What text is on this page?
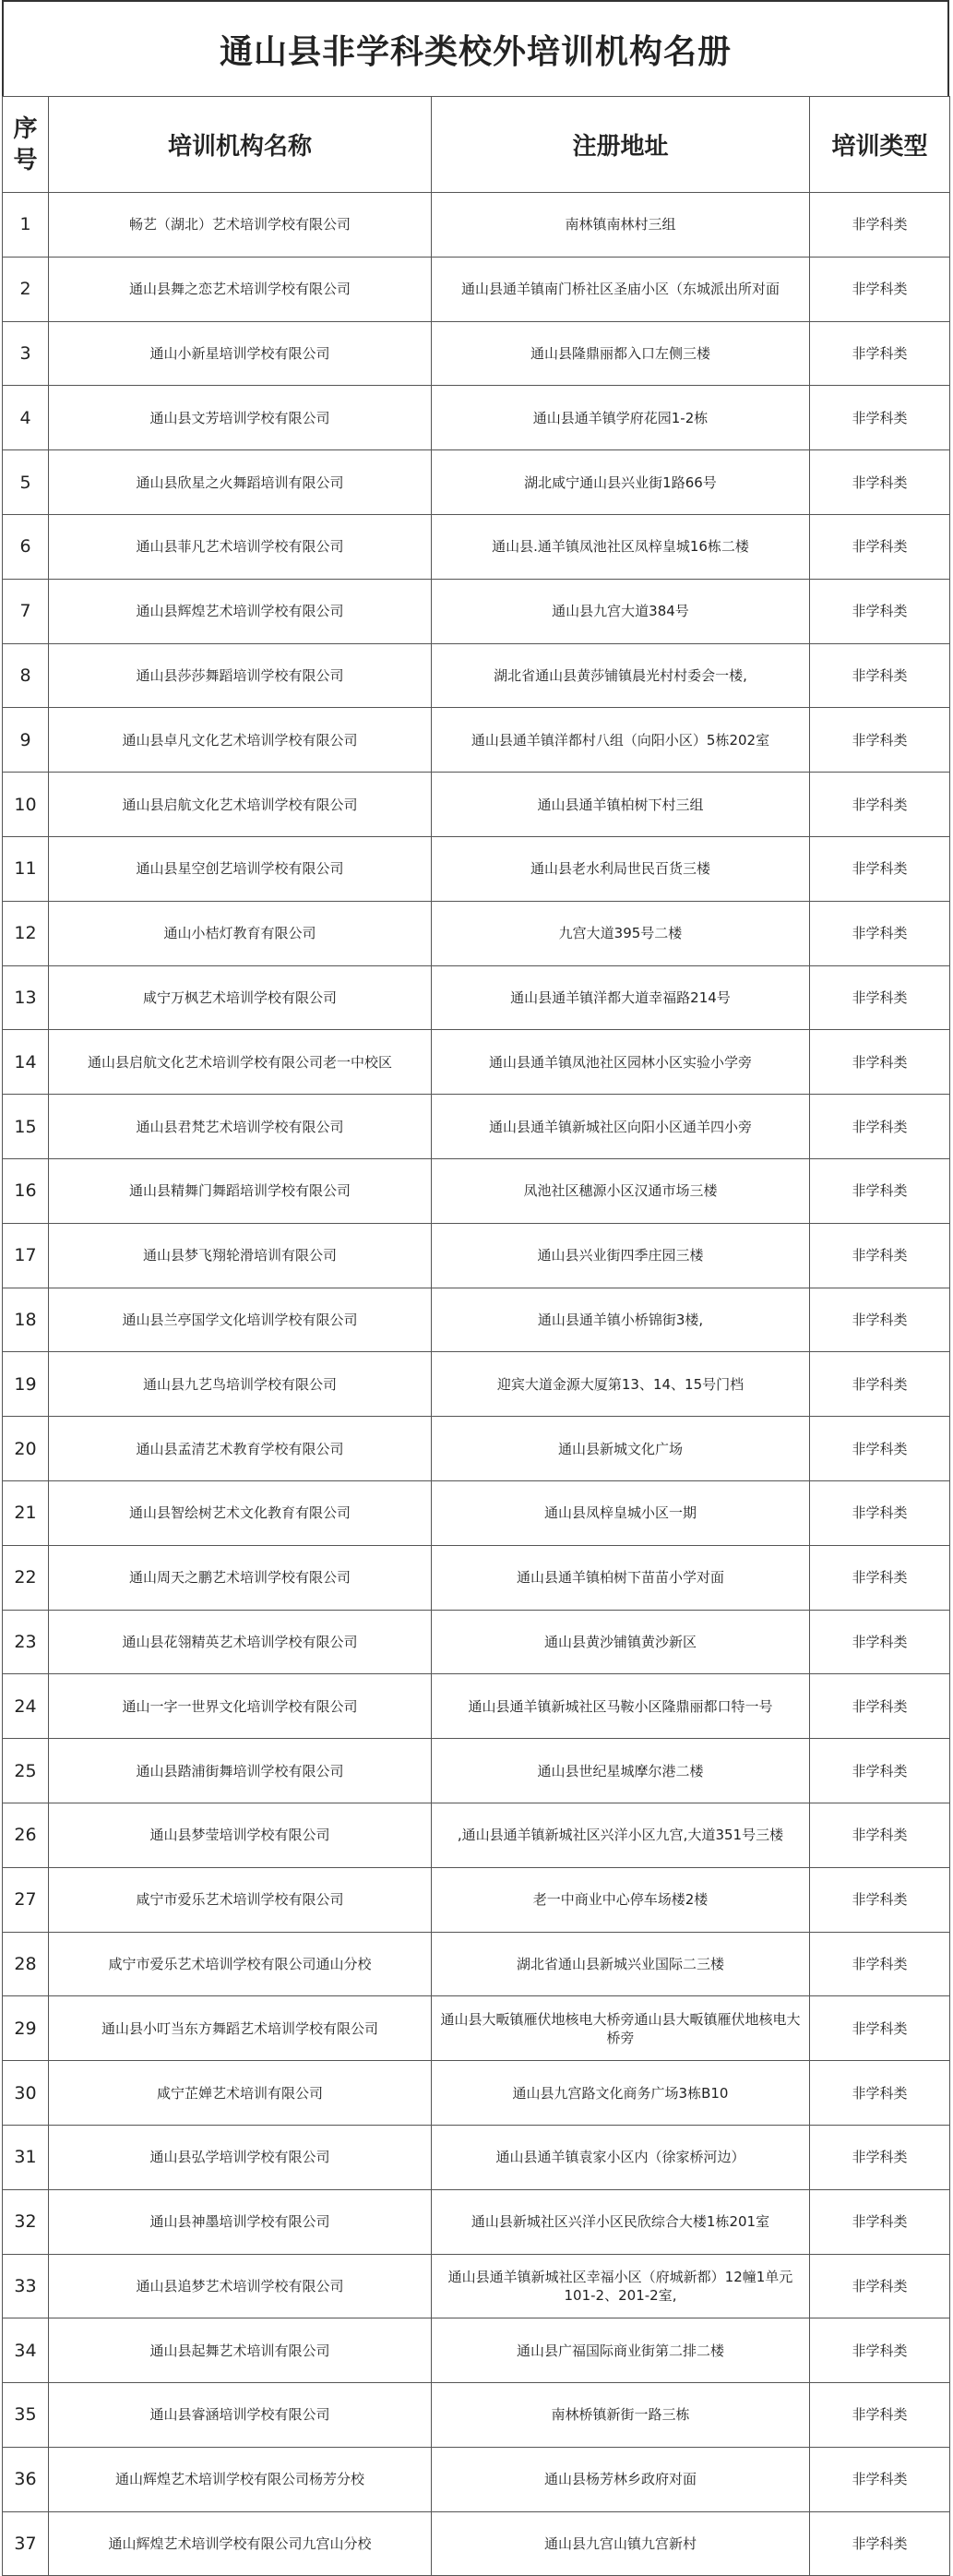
通山县非学科类校外培训机构名册
序
号	培训机构名称	注册地址	培训类型
1	畅艺（湖北）艺术培训学校有限公司	南林镇南林村三组	非学科类
2	通山县舞之恋艺术培训学校有限公司	通山县通羊镇南门桥社区圣庙小区（东城派出所对面	非学科类
3	通山小新星培训学校有限公司	通山县隆鼎丽都入口左侧三楼	非学科类
4	通山县文芳培训学校有限公司	通山县通羊镇学府花园1-2栋	非学科类
5	通山县欣星之火舞蹈培训有限公司	湖北咸宁通山县兴业街1路66号	非学科类
6	通山县菲凡艺术培训学校有限公司	通山县.通羊镇凤池社区凤梓皇城16栋二楼	非学科类
7	通山县辉煌艺术培训学校有限公司	通山县九宫大道384号	非学科类
8	通山县莎莎舞蹈培训学校有限公司	湖北省通山县黄莎铺镇晨光村村委会一楼,	非学科类
9	通山县卓凡文化艺术培训学校有限公司	通山县通羊镇洋都村八组（向阳小区）5栋202室	非学科类
10	通山县启航文化艺术培训学校有限公司	通山县通羊镇柏树下村三组	非学科类
11	通山县星空创艺培训学校有限公司	通山县老水利局世民百货三楼	非学科类
12	通山小桔灯教育有限公司	九宫大道395号二楼	非学科类
13	咸宁万枫艺术培训学校有限公司	通山县通羊镇洋都大道幸福路214号	非学科类
14	通山县启航文化艺术培训学校有限公司老一中校区	通山县通羊镇凤池社区园林小区实验小学旁	非学科类
15	通山县君梵艺术培训学校有限公司	通山县通羊镇新城社区向阳小区通羊四小旁	非学科类
16	通山县精舞门舞蹈培训学校有限公司	凤池社区穗源小区汉通市场三楼	非学科类
17	通山县梦飞翔轮滑培训有限公司	通山县兴业街四季庄园三楼	非学科类
18	通山县兰亭国学文化培训学校有限公司	通山县通羊镇小桥锦街3楼,	非学科类
19	通山县九艺鸟培训学校有限公司	迎宾大道金源大厦第13、14、15号门档	非学科类
20	通山县孟清艺术教育学校有限公司	通山县新城文化广场	非学科类
21	通山县智绘树艺术文化教育有限公司	通山县凤梓皇城小区一期	非学科类
22	通山周天之鹏艺术培训学校有限公司	通山县通羊镇柏树下苗苗小学对面	非学科类
23	通山县花翎精英艺术培训学校有限公司	通山县黄沙铺镇黄沙新区	非学科类
24	通山一字一世界文化培训学校有限公司	通山县通羊镇新城社区马鞍小区隆鼎丽都口特一号	非学科类
25	通山县踏浦街舞培训学校有限公司	通山县世纪星城摩尔港二楼	非学科类
26	通山县梦莹培训学校有限公司	,通山县通羊镇新城社区兴洋小区九宫,大道351号三楼	非学科类
27	咸宁市爱乐艺术培训学校有限公司	老一中商业中心停车场楼2楼	非学科类
28	咸宁市爱乐艺术培训学校有限公司通山分校	湖北省通山县新城兴业国际二三楼	非学科类
29	通山县小叮当东方舞蹈艺术培训学校有限公司	通山县大畈镇雁伏地核电大桥旁通山县大畈镇雁伏地核电大桥旁	非学科类
30	咸宁芷婵艺术培训有限公司	通山县九宫路文化商务广场3栋B10	非学科类
31	通山县弘学培训学校有限公司	通山县通羊镇袁家小区内（徐家桥河边）	非学科类
32	通山县神墨培训学校有限公司	通山县新城社区兴洋小区民欣综合大楼1栋201室	非学科类
33	通山县追梦艺术培训学校有限公司	通山县通羊镇新城社区幸福小区（府城新都）12幢1单元101-2、201-2室,	非学科类
34	通山县起舞艺术培训有限公司	通山县广福国际商业街第二排二楼	非学科类
35	通山县睿涵培训学校有限公司	南林桥镇新街一路三栋	非学科类
36	通山辉煌艺术培训学校有限公司杨芳分校	通山县杨芳林乡政府对面	非学科类
37	通山辉煌艺术培训学校有限公司九宫山分校	通山县九宫山镇九宫新村	非学科类
